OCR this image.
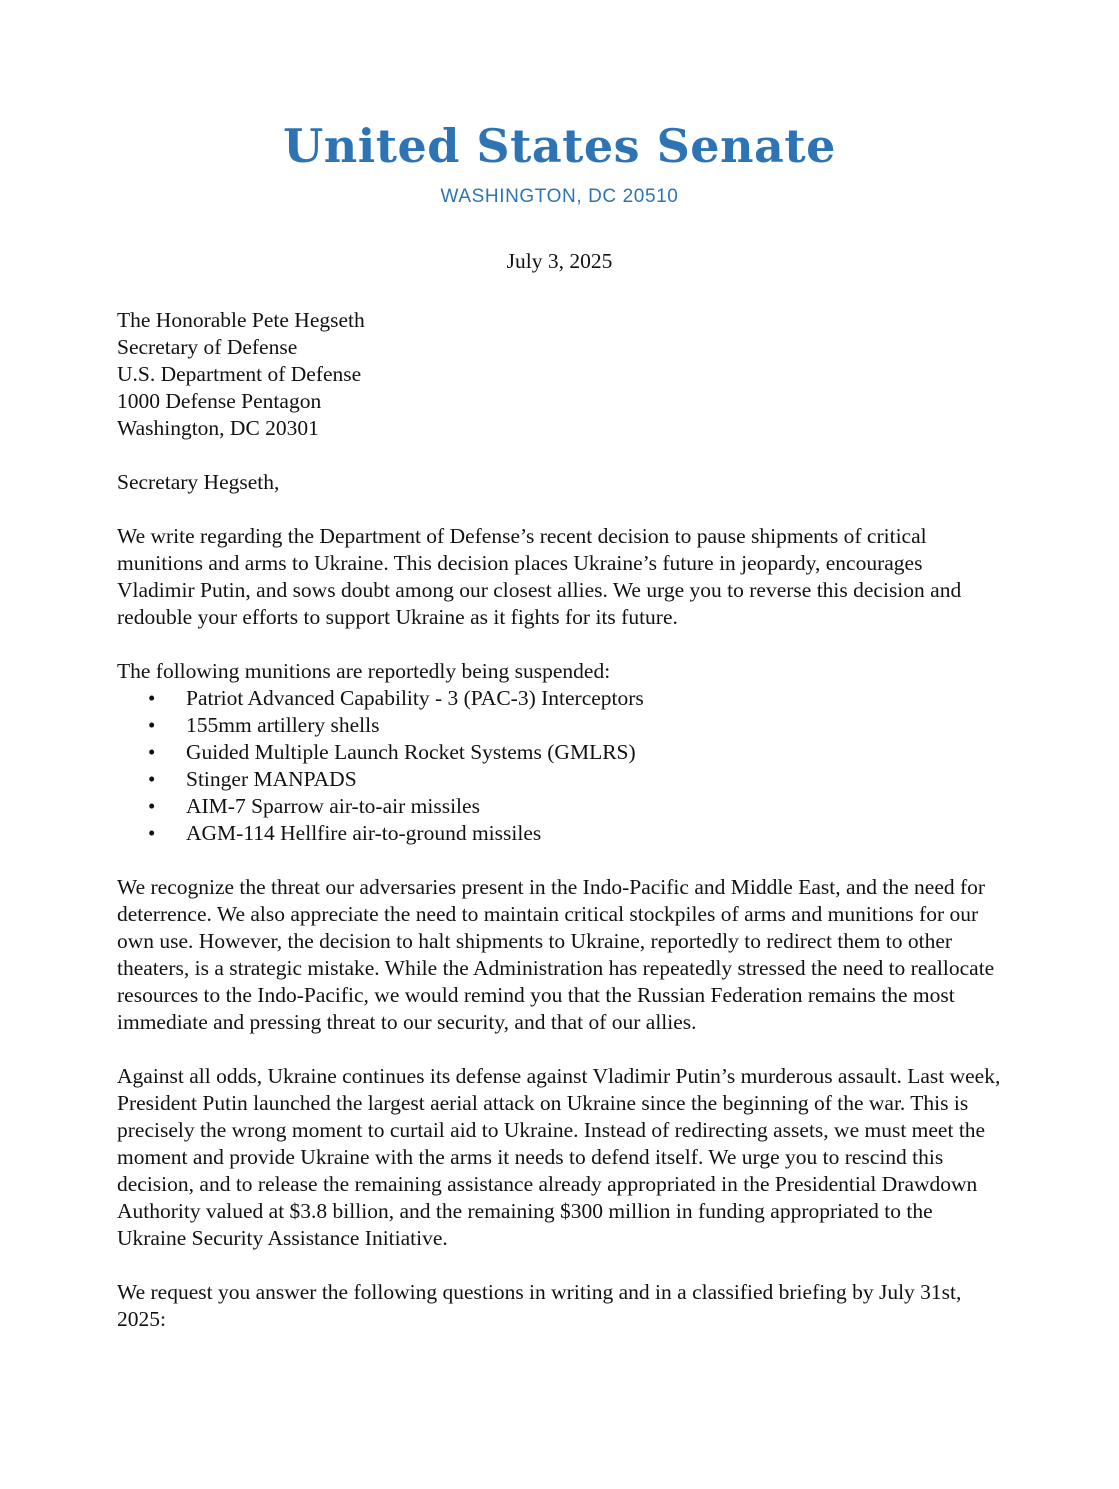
United States Senate
WASHINGTON, DC 20510
July 3, 2025
The Honorable Pete Hegseth
Secretary of Defense
U.S. Department of Defense
1000 Defense Pentagon
Washington, DC 20301

Secretary Hegseth,

We write regarding the Department of Defense’s recent decision to pause shipments of critical munitions and arms to Ukraine. This decision places Ukraine’s future in jeopardy, encourages Vladimir Putin, and sows doubt among our closest allies. We urge you to reverse this decision and redouble your efforts to support Ukraine as it fights for its future.

The following munitions are reportedly being suspended:

•
Patriot Advanced Capability - 3 (PAC-3) Interceptors
•
155mm artillery shells
•
Guided Multiple Launch Rocket Systems (GMLRS)
•
Stinger MANPADS
•
AIM-7 Sparrow air-to-air missiles
•
AGM-114 Hellfire air-to-ground missiles

We recognize the threat our adversaries present in the Indo-Pacific and Middle East, and the need for deterrence. We also appreciate the need to maintain critical stockpiles of arms and munitions for our own use. However, the decision to halt shipments to Ukraine, reportedly to redirect them to other theaters, is a strategic mistake. While the Administration has repeatedly stressed the need to reallocate resources to the Indo-Pacific, we would remind you that the Russian Federation remains the most immediate and pressing threat to our security, and that of our allies.

Against all odds, Ukraine continues its defense against Vladimir Putin’s murderous assault. Last week, President Putin launched the largest aerial attack on Ukraine since the beginning of the war. This is precisely the wrong moment to curtail aid to Ukraine. Instead of redirecting assets, we must meet the moment and provide Ukraine with the arms it needs to defend itself. We urge you to rescind this decision, and to release the remaining assistance already appropriated in the Presidential Drawdown Authority valued at $3.8 billion, and the remaining $300 million in funding appropriated to the Ukraine Security Assistance Initiative.

We request you answer the following questions in writing and in a classified briefing by July 31st, 2025:
